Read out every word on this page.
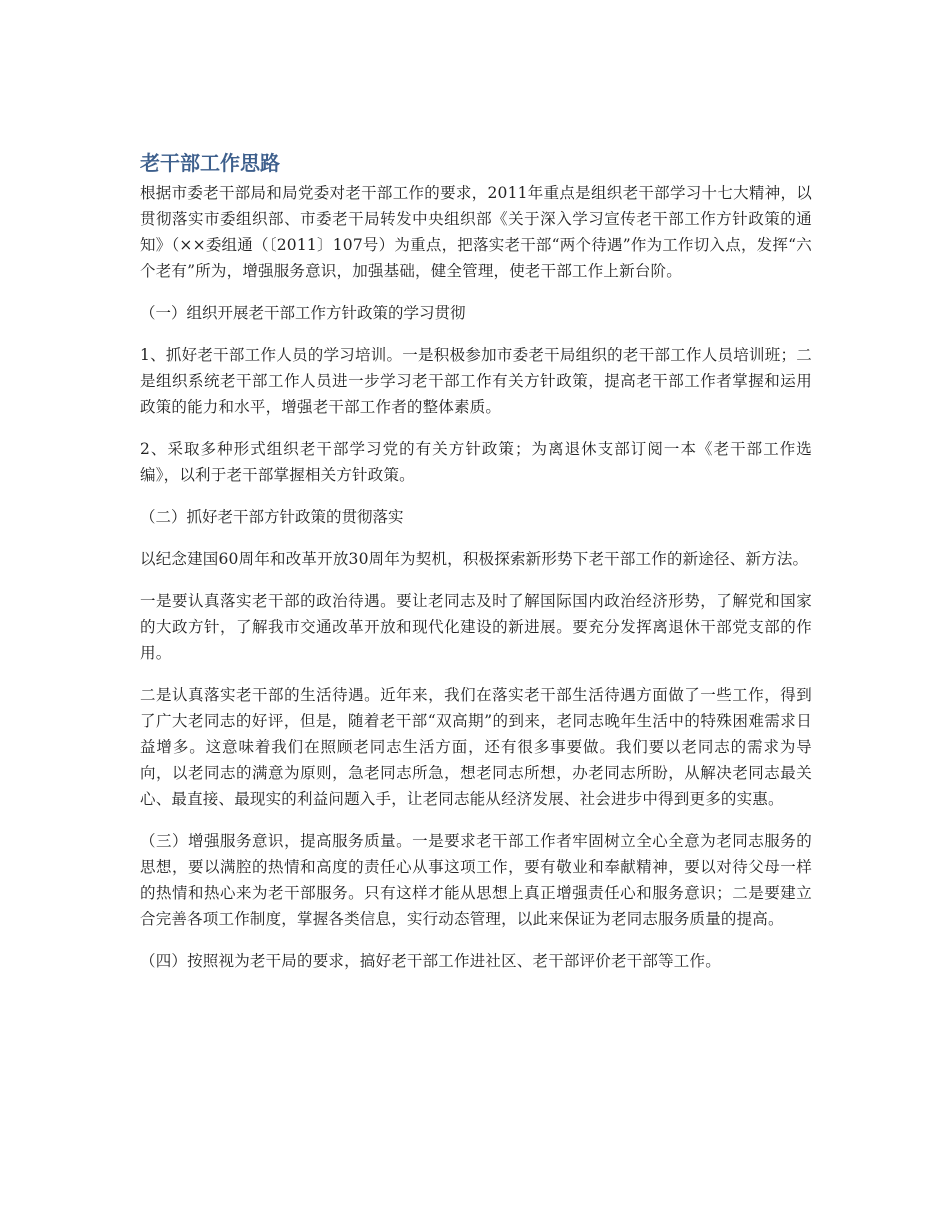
老干部工作思路

根据市委老干部局和局党委对老干部工作的要求，2011年重点是组织老干部学习十七大精神，以贯彻落实市委组织部、市委老干局转发中央组织部《关于深入学习宣传老干部工作方针政策的通知》（××委组通（〔2011〕107号）为重点，把落实老干部“两个待遇”作为工作切入点，发挥“六个老有”所为，增强服务意识，加强基础，健全管理，使老干部工作上新台阶。

（一）组织开展老干部工作方针政策的学习贯彻

1、抓好老干部工作人员的学习培训。一是积极参加市委老干局组织的老干部工作人员培训班；二是组织系统老干部工作人员进一步学习老干部工作有关方针政策，提高老干部工作者掌握和运用政策的能力和水平，增强老干部工作者的整体素质。

2、采取多种形式组织老干部学习党的有关方针政策；为离退休支部订阅一本《老干部工作选编》，以利于老干部掌握相关方针政策。

（二）抓好老干部方针政策的贯彻落实

以纪念建国60周年和改革开放30周年为契机，积极探索新形势下老干部工作的新途径、新方法。

一是要认真落实老干部的政治待遇。要让老同志及时了解国际国内政治经济形势，了解党和国家的大政方针，了解我市交通改革开放和现代化建设的新进展。要充分发挥离退休干部党支部的作用。

二是认真落实老干部的生活待遇。近年来，我们在落实老干部生活待遇方面做了一些工作，得到了广大老同志的好评，但是，随着老干部“双高期”的到来，老同志晚年生活中的特殊困难需求日益增多。这意味着我们在照顾老同志生活方面，还有很多事要做。我们要以老同志的需求为导向，以老同志的满意为原则，急老同志所急，想老同志所想，办老同志所盼，从解决老同志最关心、最直接、最现实的利益问题入手，让老同志能从经济发展、社会进步中得到更多的实惠。

（三）增强服务意识，提高服务质量。一是要求老干部工作者牢固树立全心全意为老同志服务的思想，要以满腔的热情和高度的责任心从事这项工作，要有敬业和奉献精神，要以对待父母一样的热情和热心来为老干部服务。只有这样才能从思想上真正增强责任心和服务意识；二是要建立合完善各项工作制度，掌握各类信息，实行动态管理，以此来保证为老同志服务质量的提高。

（四）按照视为老干局的要求，搞好老干部工作进社区、老干部评价老干部等工作。
